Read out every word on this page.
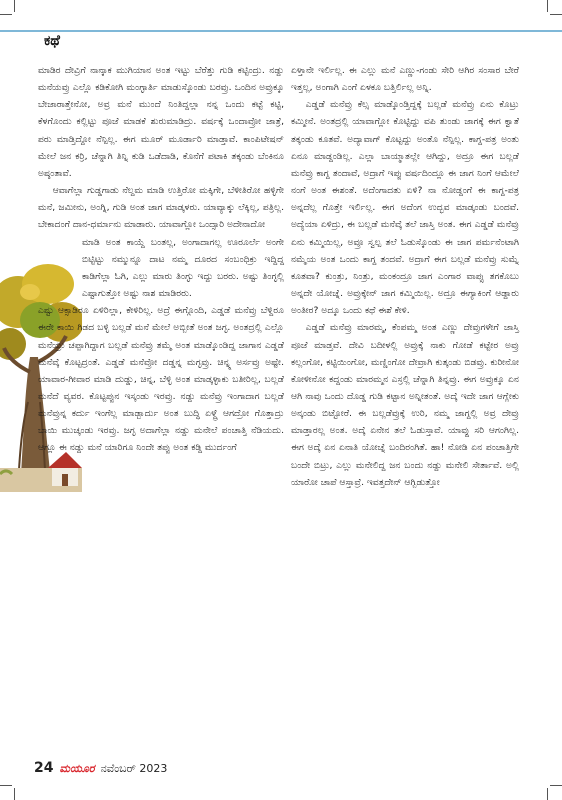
ಕಥೆ

ಮಾಡಿರ ದೇವ್ರಿಗೆ ನಾನ್ಕಾಕ ಮುಗಿಯಾನ ಅಂತ ಇಟ್ಟು ಬೆರೆತ್ತು ಗುಡಿ ಕಟ್ಟಿಂದ್ರು. ನಡ್ದು ಮನೆಯವ್ರು ಎಲ್ಲೊ ಕಡಿಕೋಗಿ ಮಂಗ್ಳಾರ್ತಿ ಮಾಡುಸ್ಕೊಂಡು ಬರವ್ರು. ಒಂದಿನ ಅವ್ರುಕ್ಕೂ ಬೇಜಾರಾತ್ತೇನೋ, ಅವ್ರ ಮನೆ ಮುಂದೆ ನಿಂತಿದ್ದಲ್ಲಾ ನನ್ನ ಒಂದು ಕಟ್ಟೆ ಕಟ್ಟಿ, ಕೆಳಗೊಂದು ಕಲ್ಲಿಟ್ಟು ಪೂಜೆ ಮಾಡಕೆ ಶುರುಮಾಡಿದ್ರು. ವರ್ಷಕ್ಕೆ ಒಂದಾವ್ರೋ ಜಾತ್ರೆ, ಪರು ಮಾಡ್ತಿದ್ದೋ ನೆನ್ಪಿಲ್ಲ. ಈಗ ಮೂರ್ ಮೂರ್ಡಾರಿ ಮಾಡ್ತಾವೆ. ಕಾಂಪಿಟೇಷನ್ ಮೇಲೆ ಜನ ಕರ್ರಿ, ಚೆನ್ನಾಗಿ ತಿನ್ನಿ ಕುಡಿ ಒಡೆದಾಡಿ, ಕೊನೆಗೆ ಪಟಾಕಿ ತಕ್ಕಂಡು ಬೆಂಕಿನೂ ಅಷ್ಠಂತಾವೆ.

ಆವಾಗೆಲ್ಲಾ ಗುಡ್ಡಗಾಡು ನೆಲ್ದಮ ಮಾಡಿ ಉತ್ತಿರೋ ಮಕ್ಕಿಗೇ, ಬೆಳೀತಿರೋ ಹಳ್ಳಿಗೇ ಮನೆ, ಜಮೀನು, ಅಂಗ್ನಿ, ಗುಡಿ ಅಂತ ಜಾಗ ಮಾಡ್ಕಳರು. ಯಾವ್ಯಾಕ್ಕು ಲೆಕ್ಕಿಲ್ಲ, ಪತ್ರಿಲ್ಲ. ಬೇಕಾದಂಗೆ ದಾನ-ಧರ್ಮಾನು ಮಾಡಾರು. ಯಾವಾಗ್ಲೋ ಒಂದ್ಸಾರಿ ಅದೇನಾದೋ

ಮಾಡಿ ಅಂತ ಕಾಯ್ದೆ ಬಂತಲ್ಲ, ಅಂಗಾದಾಗಲ್ಲ ಊರೂರ್ಲೆ ಅಂಗೇ ಬಿಟ್ಟಿಟ್ಟು ನಮ್ಮುನ್ನೂ ದಾಟ ನಮ್ಮ ದೂರದ ಸಂಬಂಧಿಕ್ರು ಇದ್ದಿದ್ದ ಕಾಡಿಗೆಲ್ಲಾ ಓಗಿ, ಎಲ್ಲು ಮಾರು ತಿಂಗ್ಳು ಇದ್ದು ಬರರು. ಅಷ್ಟು ತಿಂಗ್ಳಲ್ಲಿ ಎಷ್ಟಾಗುತ್ತೋ ಅಷ್ಟು ನಾಶ ಮಾಡಿರರು.

ಎಷ್ಟು ಆಕ್ಸಾಡಿರೂ ಏಳಿರಿಲ್ಲಾ, ಕೇಳಿರಿಲ್ಲ. ಅದ್ರೆ ಈಗ್ಗೊಂದಿ, ಎಡ್ಡಡೆ ಮನೆವ್ರು ಬೆಳ್ದಿರೂ ಈರೇ ಕಾಯಿ ಗಿಡದ ಬಳ್ಳಿ ಬಲ್ಲಡೆ ಮನೆ ಮೇಲೆ ಅಬ್ಬೀತೆ ಅಂತ ಜಗ್ಳ. ಅಂತದ್ರಲ್ಲಿ ಎಲ್ಲೊ ಮನೆಯ್ರು ಚಪ್ಪಾಗಿದ್ದಾಗ ಬಲ್ಲಡೆ ಮನೆವ್ರು ತಮ್ಮೆ ಅಂತ ಮಾಡ್ಕೊಂಡಿದ್ದ ಜಾಗಾನ ಎಡ್ಡಡೆ ಮನೆವ್ಕೆ ಕೊಟ್ಟದ್ರಂತೆ. ಎಡ್ಡಡೆ ಮನೆವ್ರೋ ದಡ್ಡನ್ನ ಮಗ್ಳವ್ರು. ಚಿನ್ನ್ನ ಅರ್ಸವ್ರು ಅಷ್ಟೇ. ಯಾವಾರ-ಗೀವಾರ ಮಾಡಿ ದುಡ್ಡು, ಚಿನ್ನ, ಬೆಳ್ಳಿ ಅಂತ ಮಾಡ್ಕಳ್ಳಾಕು ಬತೀರಿಲ್ಲ, ಬಲ್ಲಡೆ ಮನೆದೆ ವ್ಯವರ. ಕೊಟ್ಟಪ್ಪುನ ಇಸ್ಕಂಡು ಇರವ್ರು. ನಡ್ದು ಮನೆವ್ರು ಇಂಗಾದಾಗ ಬಲ್ಲಡೆ ಮನೆವ್ರುನ್ನ ಕರ್ದು ಇಂಗೆಲ್ಲ ಮಾಡ್ಬಾರ್ದು ಅಂತ ಬುದ್ಧಿ ಏಳ್ದ್ರೆ ಆಗದ್ರೋ ಗೊತ್ತಾದ್ರು ಬಾಯಿ ಮುಚ್ಕಂಡು ಇರವ್ರು. ಜಗ್ಳ ಅದಾಗೆಲ್ಲಾ ನಡ್ದು ಮನೇಲೆ ಪಂಚಾತ್ತಿ ನೆಡಿಯದು. ಆಗ್ಲೂ ಈ ನಡ್ದು ಮನೆ ಯಾರಿಗೂ ನಿಂದೇ ತಪ್ಪು ಅಂತ ಕಡ್ದಿ ಮುರ್ದಂಗೆ

ಏಳ್ತಾನೇ ಇರ್ಲಿಲ್ಲ. ಈ ಎಲ್ಲು ಮನೆ ಎಣ್ಣು-ಗಂಡು ಸೇರಿ ಆಗಿರ ಸಂಸಾರ ಬೇರೆ ಇತ್ತಲ್ಲ, ಅಂಗಾಗಿ ಎಂಗೆ ಏಳಕೂ ಬತ್ತಿರ್ಲಿಲ್ಲ ಅನ್ನಿ.

ಎಡ್ಡಡೆ ಮನೆವ್ರು ಕೆಲ್ಸ ಮಾಡ್ಕೊಂಡ್ತಿದ್ದಕ್ಕೆ ಬಲ್ಲಡೆ ಮನೆವ್ರು ಏನು ಕೊಟ್ರು ಕಮ್ಮೀನೆ. ಅಂತದ್ರಲ್ಲಿ ಯಾವಾಗ್ಲೋ ಕೊಟ್ಟಿದ್ದು ವಪಿ ತುಂಡು ಜಾಗಕ್ಕೆ ಈಗ ಕ್ವಾತೆ ತಕ್ಕಂಡು ಕೂತವೆ. ಅದ್ಯಾವಾಗ್ ಕೊಟ್ಟದ್ದು ಅಂತೊ ನೆನ್ಪಿಲ್ಲ. ಕಾಗ್ದ-ಪತ್ರ ಅಂತು ಏನೂ ಮಾಡ್ದಂಡಿಲ್ಲ. ಎಲ್ಲಾ ಬಾಯ್ಮಾತಲ್ಲೇ ಆಗಿದ್ದು, ಅದ್ರೂ ಈಗ ಬಲ್ಲಡೆ ಮನೆವ್ರು ಕಾಗ್ದ ತಂದಾವೆ, ಅದ್ರಾಗೆ ಇಪ್ಪು ವರ್ಷದಿಂದ್ಲೂ ಈ ಜಾಗ ನಿಂಗೆ ಆಮೇಲೆ ನಂಗೆ ಅಂತ ಈಶಂತೆ. ಅದೆಂಗಾದತು ಏಳಿ? ನಾ ನೋಡ್ದಂಗೆ ಈ ಕಾಗ್ದ-ಪತ್ರ ಅನ್ನದೆಲ್ಲ ಗೊತ್ತೇ ಇರ್ಲಿಲ್ಲ. ಈಗ ಅದೆಂಗ ಉದ್ಭವ ಮಾಡ್ಕಂಡು ಬಂದವೆ. ಅದ್ಯೆಯಾ ಏಳಿದ್ರು, ಈ ಬಲ್ಲಡೆ ಮನೆವ್ಕೆ ತಲೆ ಜಾಸ್ತಿ ಅಂತ. ಈಗ ಎಡ್ಡಡೆ ಮನೆವ್ರು ಏನು ಕಮ್ಮಿಯಿಲ್ಲ, ಅವ್ರೂ ಸ್ವಲ್ಪ ತಲೆ ಓಡುಸ್ಕೊಂಡು ಈ ಜಾಗ ಪರ್ಮನೆಂಟಾಗಿ ನಮ್ಮೆಯ ಅಂತ ಒಂದು ಕಾಗ್ದ ತಂದವೆ. ಅದ್ರಾಗೆ ಈಗ ಬಲ್ಲಡೆ ಮನೆವ್ರು ಸುಮ್ನೆ ಕೂತವಾ? ಕುಂತ್ರು, ನಿಂತ್ರು, ಮಂಕಂದ್ರೂ ಜಾಗ ಎಂಗಾರ ವಾಪ್ಸು ತಗಕೊಬು ಅನ್ನದೇ ಯೋಚ್ನೆ. ಅವ್ರುಕ್ಕೇನ್ ಜಾಗ ಕಮ್ಮಿಯಿಲ್ಲ. ಅದ್ರೂ ಈಗ್ಯಾಕಿಂಗೆ ಆಡ್ದಾರು ಅಂತೀರ? ಅದ್ಕೂ ಒಂದು ಕಥೆ ಈಶೆ ಕೇಳಿ.

ಎಡ್ಡಡೆ ಮನೆವ್ರು ಮಾರಮ್ಮ, ಕೆಂಪಮ್ಮ ಅಂತ ಎಣ್ಣು ದೇವ್ರುಗಳೇಗೆ ಜಾಸ್ತಿ ಪೂಜೆ ಮಾಡ್ತವೆ. ದೇವಿ ಬದೀಳಲ್ಲಿ ಅವ್ರುಕ್ಕೆ ನಾಕು ಗೋಡೆ ಕಟ್ಟೇರ ಅವ್ರು ಕಲ್ಲಂಗೋ, ಕಟ್ಟಿಯಿಂಗೋ, ಮಣ್ಣಿಂಗೋ ದೇವ್ರಾಗಿ ಕುತ್ಕಂಡು ಬಿಡವ್ರು. ಕುರೀನೋ ಕೋಳೀನೋ ಕದ್ದಂಡು ಮಾರಮ್ಮನ ಎಸ್ರಲ್ಲಿ ಚೆನ್ನಾಗಿ ತಿನ್ನವ್ರು. ಈಗ ಅವ್ರುಕ್ಕೂ ಏನ ಆಗಿ ನಾವು ಒಂದು ದೊಡ್ಡ ಗುಡಿ ಕಟ್ಟಾನ ಅನ್ನೀತಂತೆ. ಅದ್ಕೆ ಇದೇ ಜಾಗ ಆಗ್ಲೇಕು ಅನ್ಕಂಡು ಬಿಟ್ಟೋರೆ. ಈ ಬಲ್ಲಡೆವ್ರುಕ್ಕೆ ಉರಿ, ನಮ್ಮ ಜಾಗ್ದಲ್ಲಿ ಅವ್ರ ದೇವ್ರು ಮಾಡ್ತಾರಲ್ಲ ಅಂತ. ಅದ್ಕೆ ಏನೇನ ತಲೆ ಓಡುಸ್ತಾವೆ. ಯಾವ್ದು ಸರಿ ಆಗಂಗಿಲ್ಲ. ಈಗ ಅದ್ಕೆ ಏನ ಏನಾತಿ ಯೋಚ್ನೆ ಬಂದಿರಂಗಿತೆ. ಹಾ! ನೋಡಿ ಏನ ಪಂಚಾತ್ತಿಗೇ ಬಂದೇ ಬಿಟ್ರು, ಎಲ್ಲು ಮನೇಲಿದ್ದ ಜನ ಬಂದು ನಡ್ದು ಮನೇಲಿ ಸೇರ್ತಾವೆ. ಅಲ್ಲಿ ಯಾರೋ ಚಾಪೆ ಆಸ್ತಾವ್ರೆ. ಇವತ್ತದೇನ್ ಆಗ್ಬಿಡುತ್ತೋ

24 ಮಯೂರ ನವೆಂಬರ್ 2023
